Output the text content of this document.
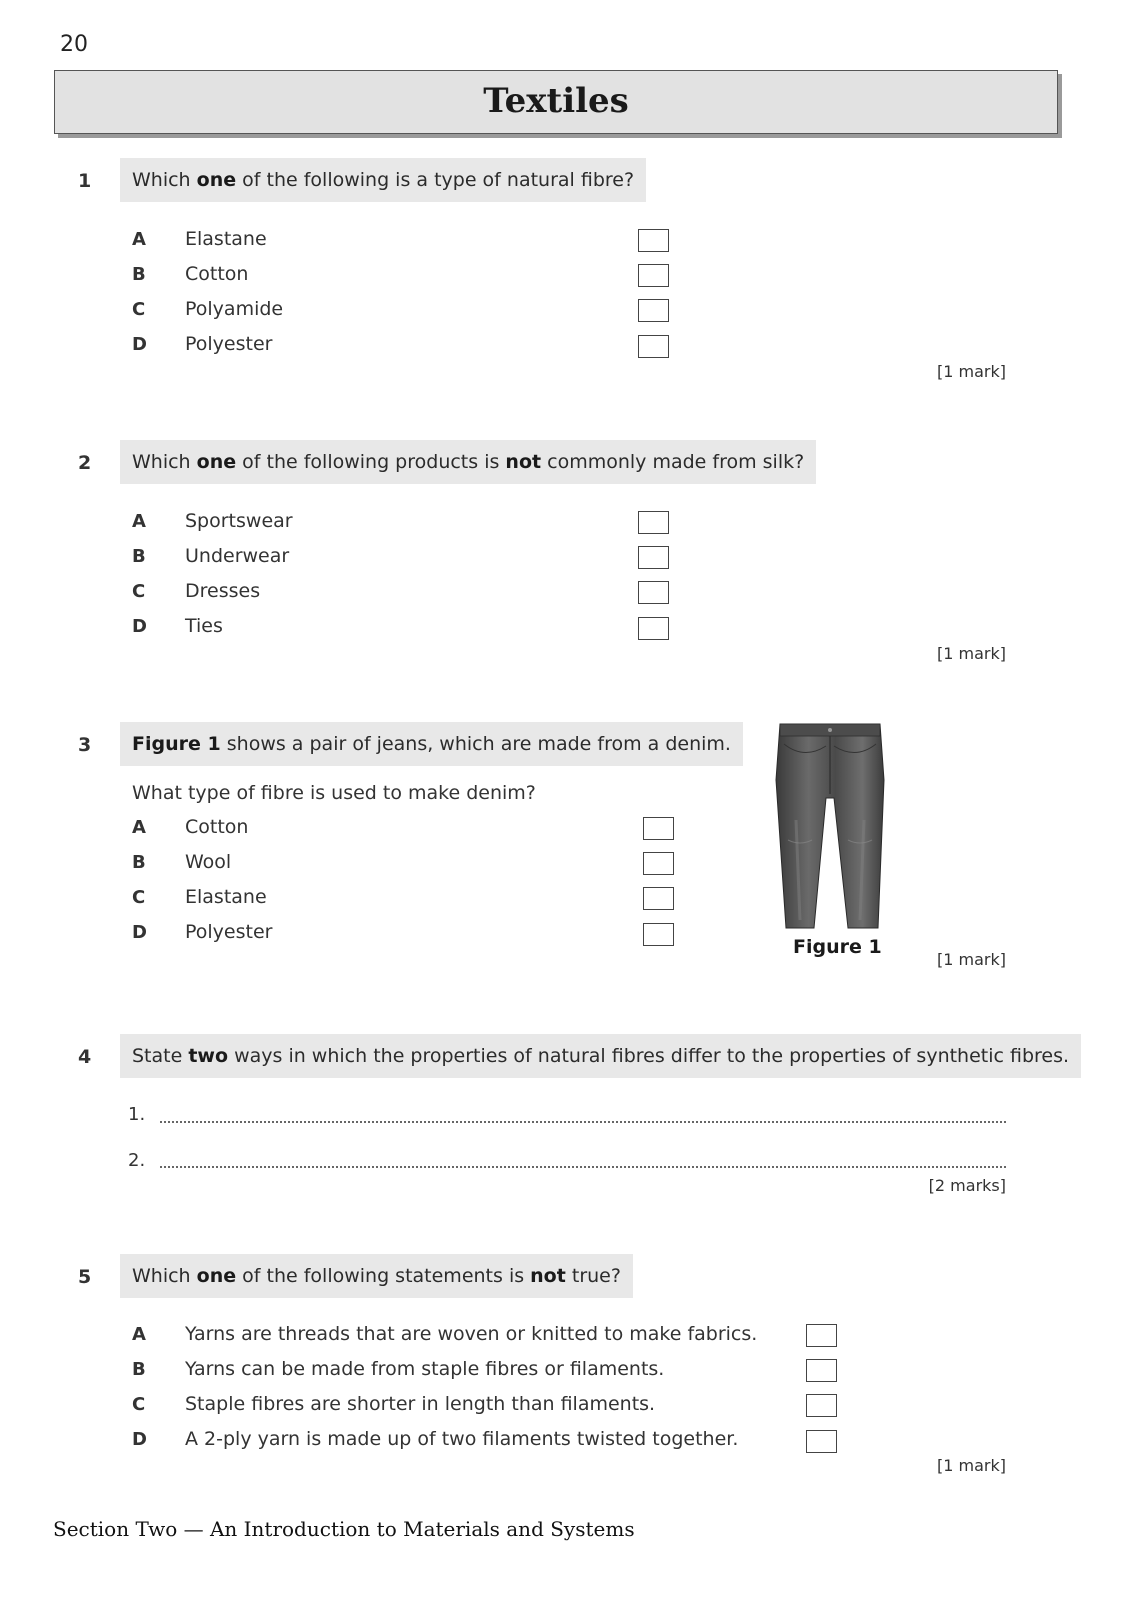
20
Textiles
1	Which one of the following is a type of natural fibre?
A Elastane
B Cotton
C Polyamide
D Polyester
[1 mark]
2	Which one of the following products is not commonly made from silk?
A Sportswear
B Underwear
C Dresses
D Ties
[1 mark]
3	Figure 1 shows a pair of jeans, which are made from a denim.
What type of fibre is used to make denim?
A Cotton
B Wool
C Elastane
D Polyester
Figure 1
[1 mark]
4	State two ways in which the properties of natural fibres differ to the properties of synthetic fibres.
1.
2.
[2 marks]
5	Which one of the following statements is not true?
A Yarns are threads that are woven or knitted to make fabrics.
B Yarns can be made from staple fibres or filaments.
C Staple fibres are shorter in length than filaments.
D A 2-ply yarn is made up of two filaments twisted together.
[1 mark]
Section Two — An Introduction to Materials and Systems
